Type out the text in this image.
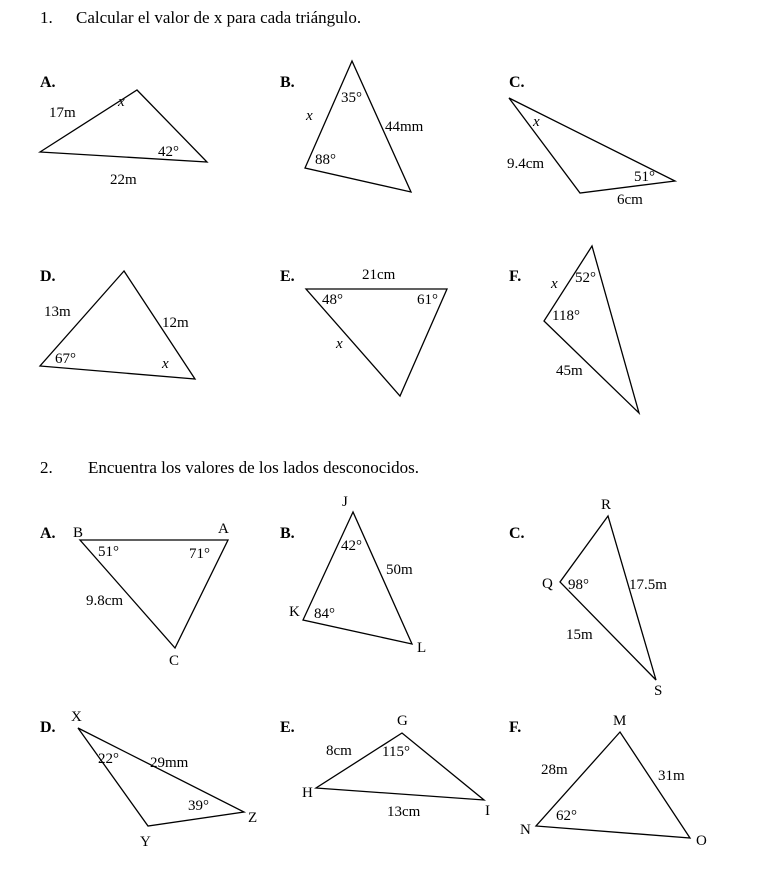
1. Calcular el valor de x para cada triángulo.
2. Encuentra los valores de los lados desconocidos.
A.
17m
x
42°
22m
B.
35°
x
44mm
88°
C.
x
9.4cm
51°
6cm
D.
13m
12m
67°	x
E.	21cm
48°	61°
x
F. x 52°
118°
45m
A. B	A
51°	71°
9.8cm
C
B.
J
42°
50m
K 84°
L
C.
R
Q 98°	17.5m
15m
S
D.
X
22° 29mm
39°
Z
Y
E.	G
8cm 115°
H
13cm	I
F.	M
28m	31m
N
62°
O
